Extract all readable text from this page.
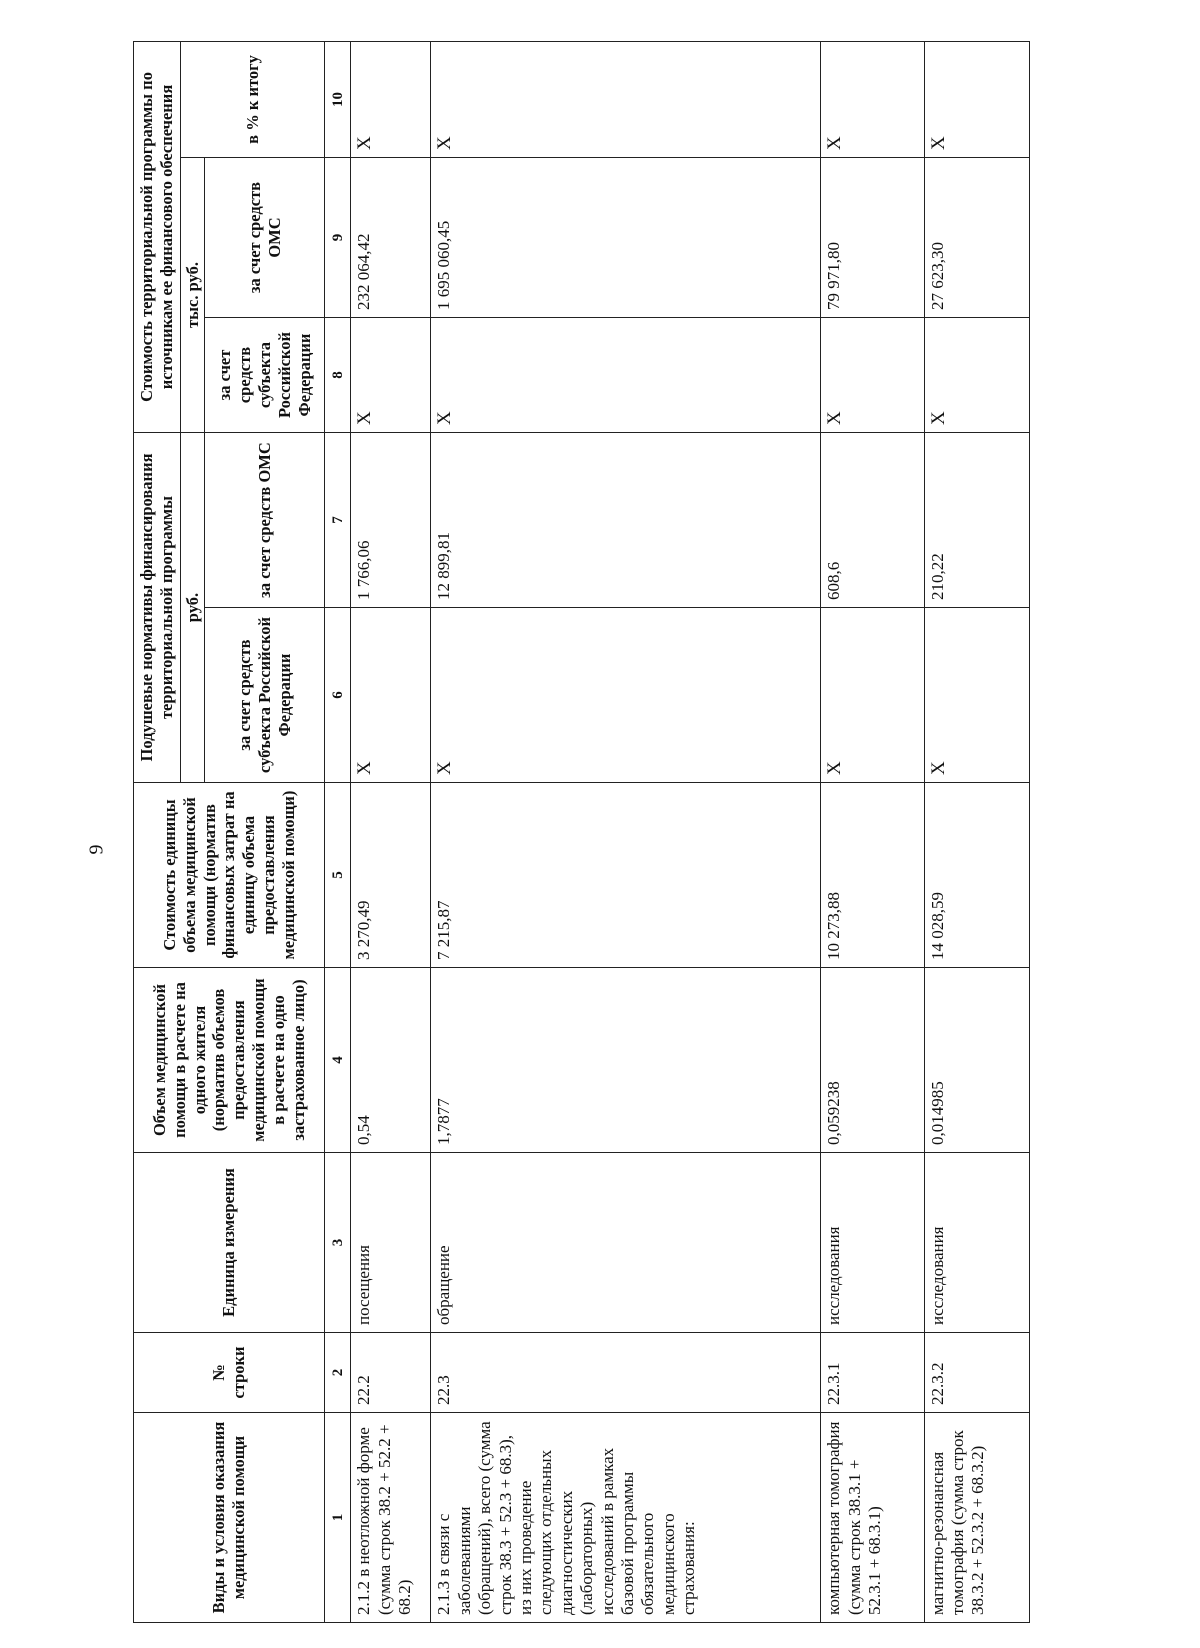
9
Виды и условия оказания медицинской помощи	№ строки	Единица измерения	Объем медицинской помощи в расчете на одного жителя (норматив объемов предоставления медицинской помощи в расчете на одно застрахованное лицо)	Стоимость единицы объема медицинской помощи (норматив финансовых затрат на единицу объема предоставления медицинской помощи)	Подушевые нормативы финансирования территориальной программы		Стоимость территориальной программы по источникам ее финансового обеспечения		
					руб.		тыс. руб.		в % к итогу
					за счет средств субъекта Российской Федерации	за счет средств ОМС	за счет средств субъекта Российской Федерации	за счет средств ОМС	
1	2	3	4	5	6	7	8	9	10
2.1.2 в неотложной форме (сумма строк 38.2 + 52.2 + 68.2)	22.2	посещения	0,54	3 270,49	Х	1 766,06	Х	232 064,42	Х
2.1.3 в связи с заболеваниями (обращений), всего (сумма строк 38.3 + 52.3 + 68.3), из них проведение следующих отдельных диагностических (лабораторных) исследований в рамках базовой программы обязательного медицинского страхования:	22.3	обращение	1,7877	7 215,87	Х	12 899,81	Х	1 695 060,45	Х
компьютерная томография (сумма строк 38.3.1 + 52.3.1 + 68.3.1)	22.3.1	исследования	0,059238	10 273,88	Х	608,6	Х	79 971,80	Х
магнитно-резонансная томография (сумма строк 38.3.2 + 52.3.2 + 68.3.2)	22.3.2	исследования	0,014985	14 028,59	Х	210,22	Х	27 623,30	Х
